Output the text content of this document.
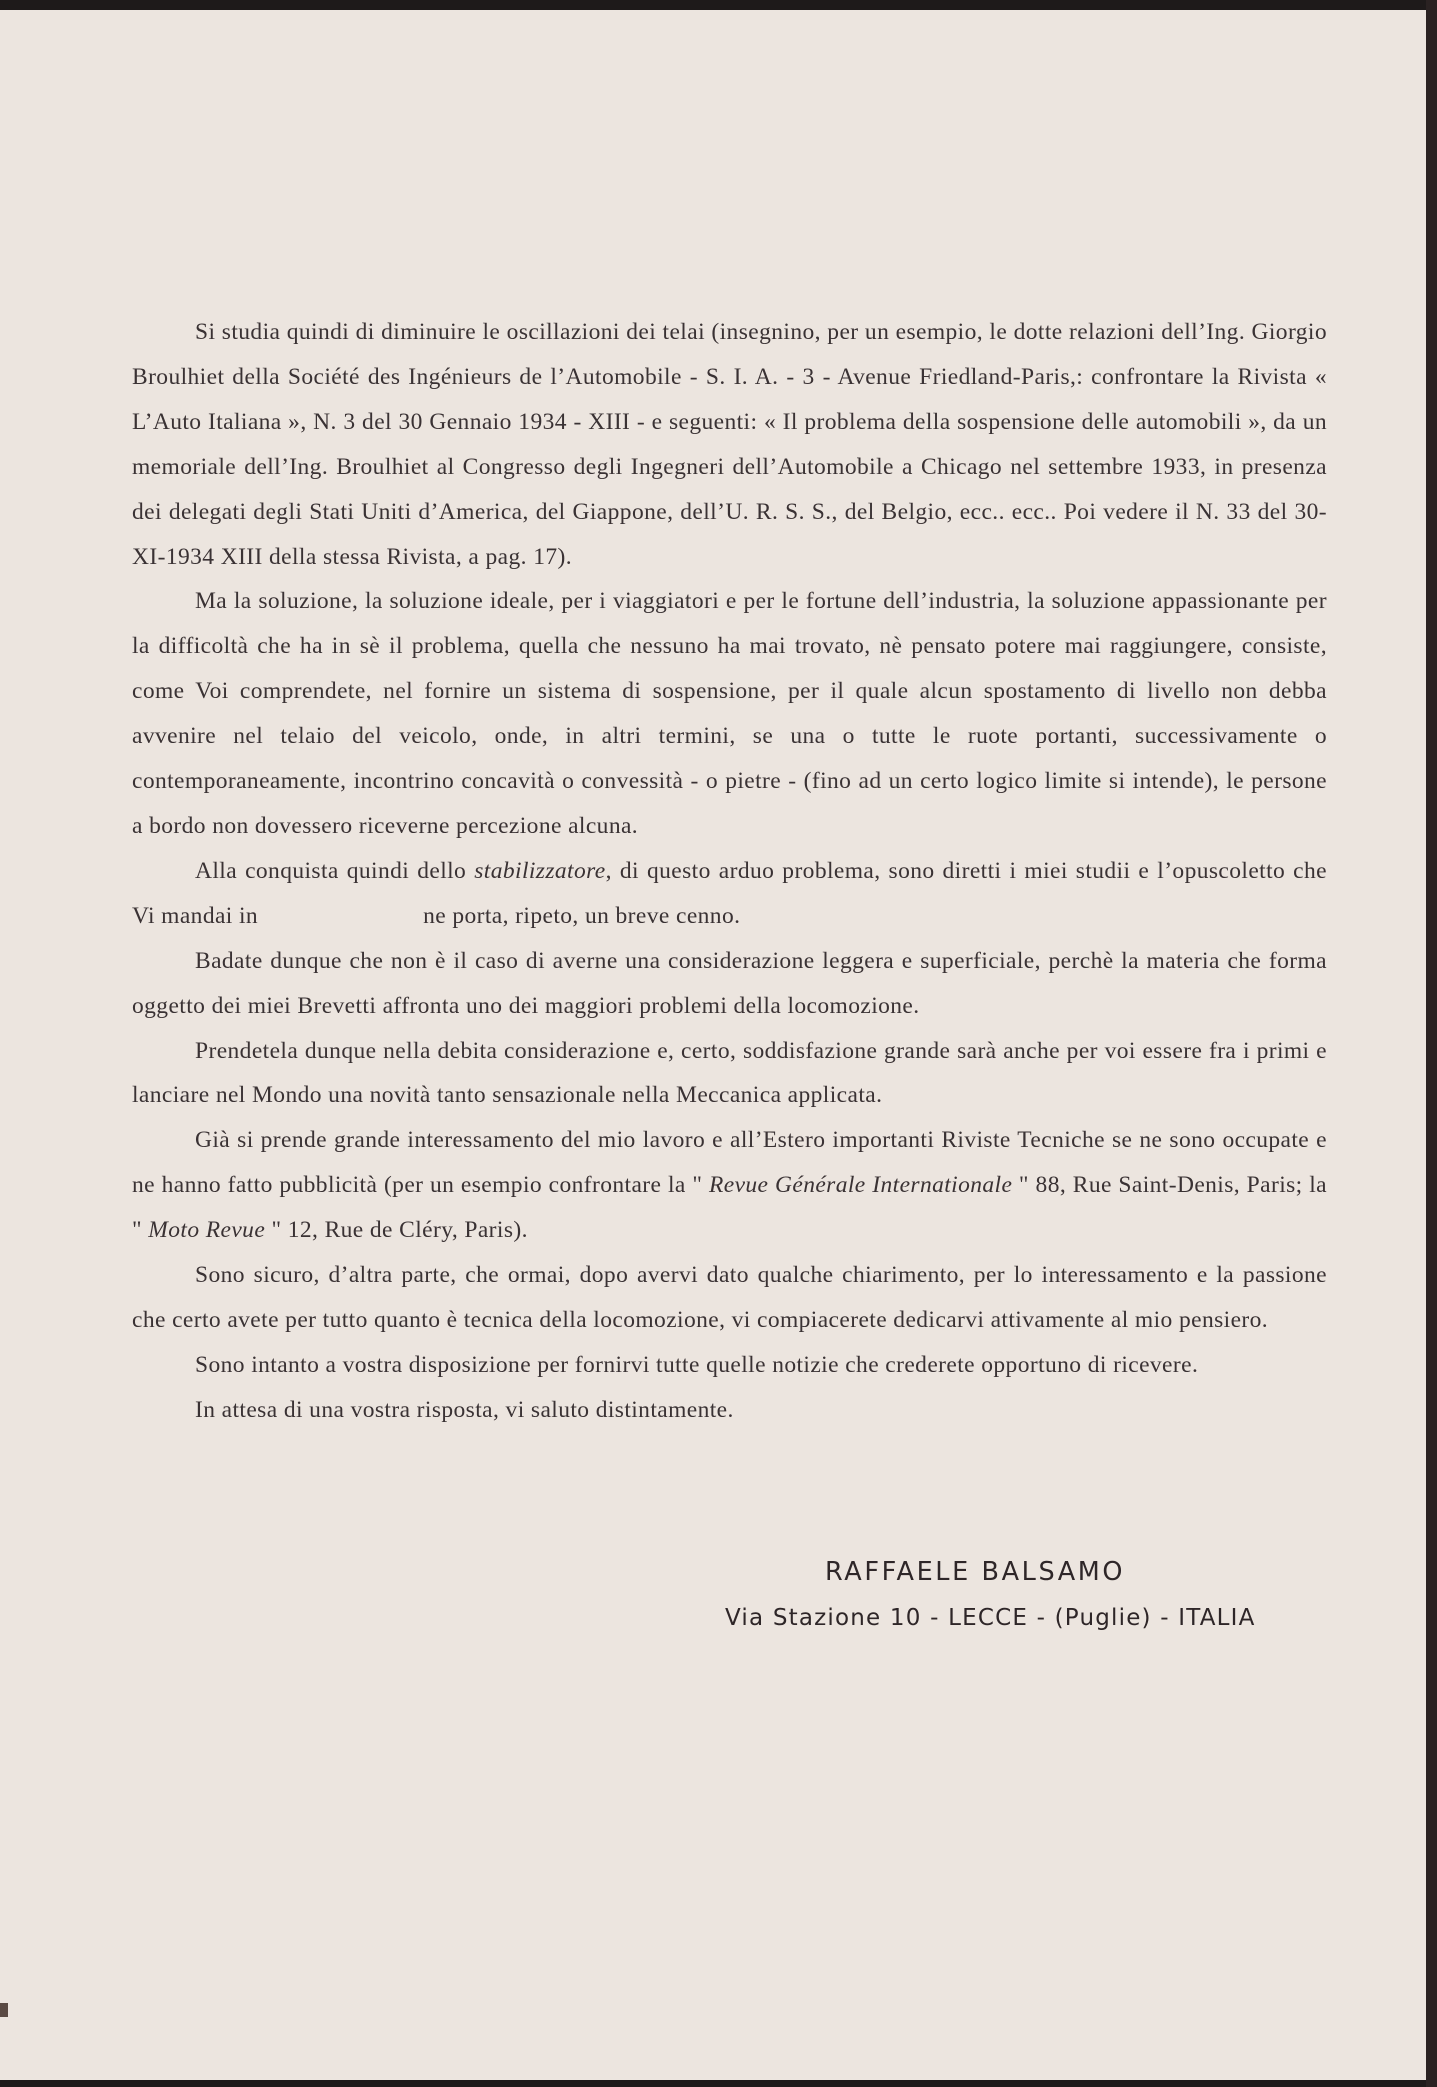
Si studia quindi di diminuire le oscillazioni dei telai (insegnino, per un esempio, le dotte relazioni dell’Ing. Giorgio Broulhiet della Société des Ingénieurs de l’Automobile - S. I. A. - 3 - Avenue Friedland-Paris,: confrontare la Rivista « L’Auto Italiana », N. 3 del 30 Gennaio 1934 - XIII - e seguenti: « Il problema della sospensione delle automobili », da un memoriale dell’Ing. Broulhiet al Congresso degli Ingegneri dell’Automobile a Chicago nel settembre 1933, in presenza dei delegati degli Stati Uniti d’America, del Giappone, dell’U. R. S. S., del Belgio, ecc.. ecc.. Poi vedere il N. 33 del 30-XI-1934 XIII della stessa Rivista, a pag. 17).

Ma la soluzione, la soluzione ideale, per i viaggiatori e per le fortune dell’industria, la soluzione appassionante per la difficoltà che ha in sè il problema, quella che nessuno ha mai trovato, nè pensato potere mai raggiungere, consiste, come Voi comprendete, nel fornire un sistema di sospensione, per il quale alcun spostamento di livello non debba avvenire nel telaio del veicolo, onde, in altri termini, se una o tutte le ruote portanti, successivamente o contemporaneamente, incontrino concavità o convessità - o pietre - (fino ad un certo logico limite si intende), le persone a bordo non dovessero riceverne percezione alcuna.

Alla conquista quindi dello stabilizzatore, di questo arduo problema, sono diretti i miei studii e l’opuscoletto che Vi mandai in	ne porta, ripeto, un breve cenno.

Badate dunque che non è il caso di averne una considerazione leggera e superficiale, perchè la materia che forma oggetto dei miei Brevetti affronta uno dei maggiori problemi della locomozione.

Prendetela dunque nella debita considerazione e, certo, soddisfazione grande sarà anche per voi essere fra i primi e lanciare nel Mondo una novità tanto sensazionale nella Meccanica applicata.

Già si prende grande interessamento del mio lavoro e all’Estero importanti Riviste Tecniche se ne sono occupate e ne hanno fatto pubblicità (per un esempio confrontare la " Revue Générale Internationale " 88, Rue Saint-Denis, Paris; la " Moto Revue " 12, Rue de Cléry, Paris).

Sono sicuro, d’altra parte, che ormai, dopo avervi dato qualche chiarimento, per lo interessamento e la passione che certo avete per tutto quanto è tecnica della locomozione, vi compiacerete dedicarvi attivamente al mio pensiero.

Sono intanto a vostra disposizione per fornirvi tutte quelle notizie che crederete opportuno di ricevere.

In attesa di una vostra risposta, vi saluto distintamente.

RAFFAELE BALSAMO
Via Stazione 10 - LECCE - (Puglie) - ITALIA
